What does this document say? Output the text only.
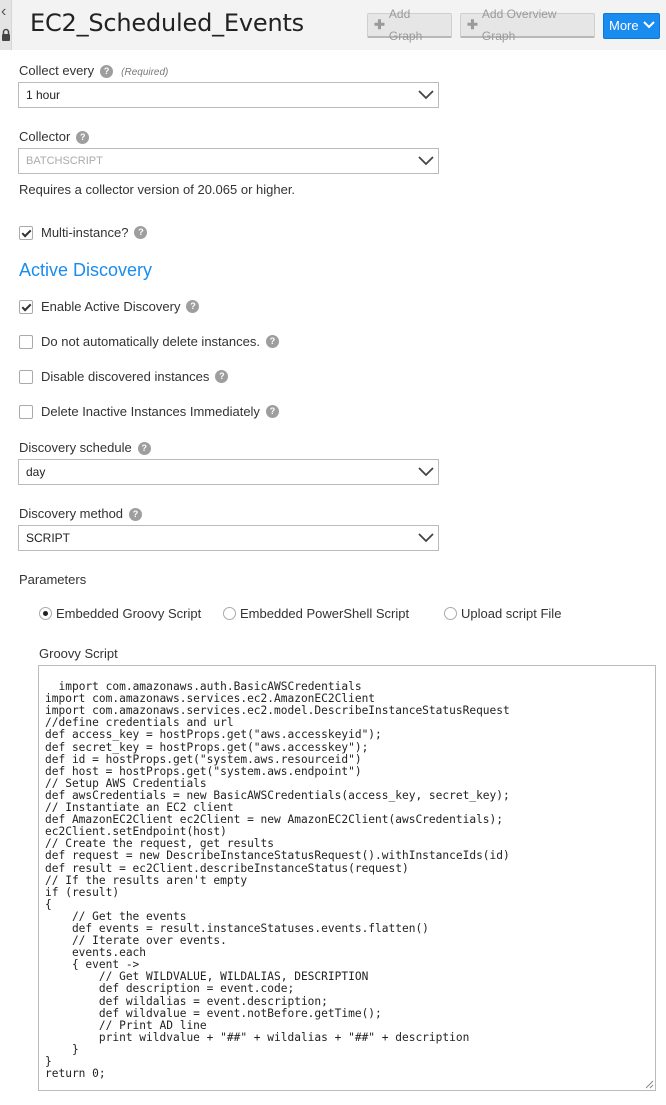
‹ EC2_Scheduled_Events	✚
Add Graph
✚
Add Overview Graph
More
Collect every ? (Required)
1 hour
Collector ?
BATCHSCRIPT
Requires a collector version of 20.065 or higher.
Multi-instance?	?
Active Discovery
Enable Active Discovery	?
Do not automatically delete instances.	?
Disable discovered instances	?
Delete Inactive Instances Immediately	?
Discovery schedule ?
day
Discovery method ?
SCRIPT
Parameters
Embedded Groovy Script	Embedded PowerShell Script	Upload script File
Groovy Script

import com.amazonaws.auth.BasicAWSCredentials
import com.amazonaws.services.ec2.AmazonEC2Client
import com.amazonaws.services.ec2.model.DescribeInstanceStatusRequest
//define credentials and url
def access_key = hostProps.get("aws.accesskeyid");
def secret_key = hostProps.get("aws.accesskey");
def id = hostProps.get("system.aws.resourceid")
def host = hostProps.get("system.aws.endpoint")
// Setup AWS Credentials
def awsCredentials = new BasicAWSCredentials(access_key, secret_key);
// Instantiate an EC2 client
def AmazonEC2Client ec2Client = new AmazonEC2Client(awsCredentials);
ec2Client.setEndpoint(host)
// Create the request, get results
def request = new DescribeInstanceStatusRequest().withInstanceIds(id)
def result = ec2Client.describeInstanceStatus(request)
// If the results aren't empty
if (result)
{
// Get the events
def events = result.instanceStatuses.events.flatten()
// Iterate over events.
events.each
{ event ->
// Get WILDVALUE, WILDALIAS, DESCRIPTION
def description = event.code;
def wildalias = event.description;
def wildvalue = event.notBefore.getTime();
// Print AD line
print wildvalue + "##" + wildalias + "##" + description
}
}
return 0;
